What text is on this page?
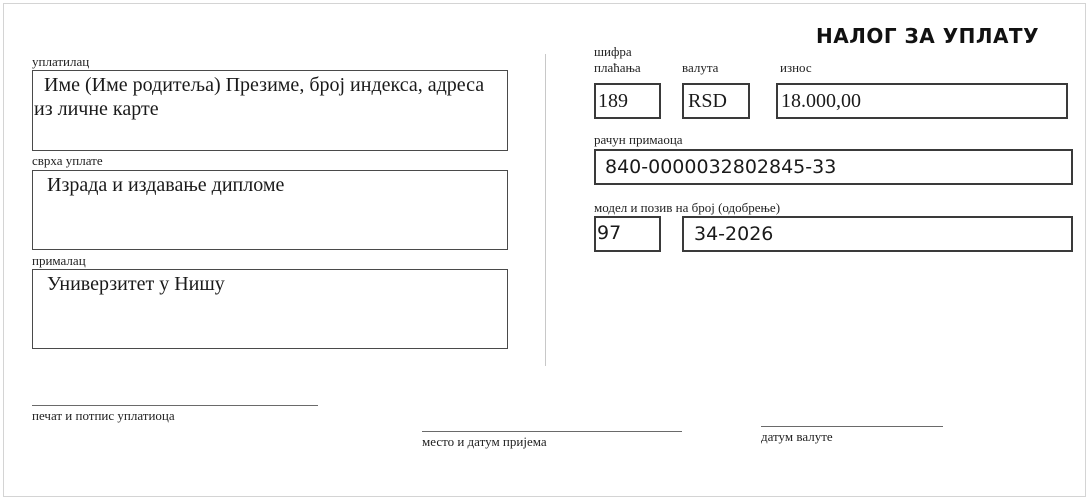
НАЛОГ ЗА УПЛАТУ
уплатилац
Име (Име родитеља) Презиме, број индекса, адреса из личне карте
сврха уплате
Израда и издавање дипломе
прималац
Универзитет у Нишу
шифра плаћања
189
валута
RSD
износ
18.000,00
рачун примаоца
840-0000032802845-33
модел и позив на број (одобрење)
97	34-2026
печат и потпис уплатиоца
место и датум пријема	датум валуте
